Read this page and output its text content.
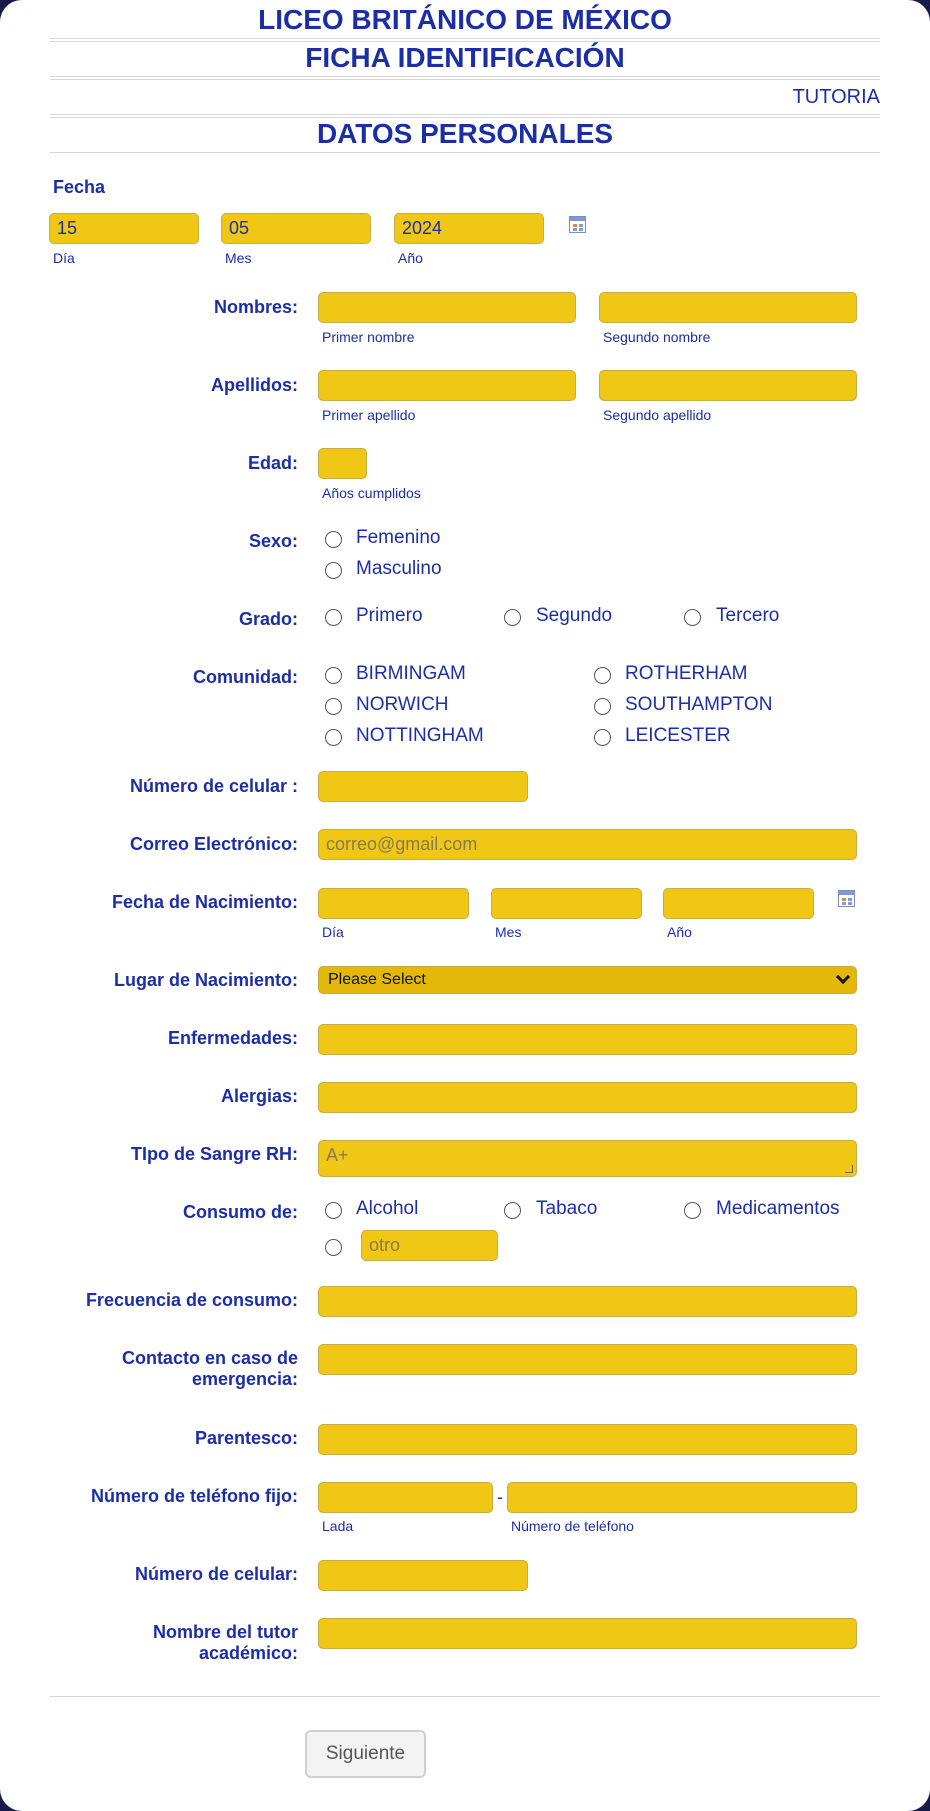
LICEO BRITÁNICO DE MÉXICO
FICHA IDENTIFICACIÓN
TUTORIA
DATOS PERSONALES
Fecha
15	05	2024
Día	Mes	Año
Nombres:
Primer nombre	Segundo nombre
Apellidos:
Primer apellido	Segundo apellido
Edad:
Años cumplidos
Sexo:	Femenino
Masculino
Grado:	Primero	Segundo	Tercero
Comunidad:	BIRMINGAM	ROTHERHAM
NORWICH	SOUTHAMPTON
NOTTINGHAM	LEICESTER
Número de celular :
Correo Electrónico:	correo@gmail.com
Fecha de Nacimiento:
Día	Mes	Año
Lugar de Nacimiento:	Please Select
Enfermedades:
Alergias:
TIpo de Sangre RH:	A+
Consumo de:	Alcohol	Tabaco	Medicamentos
otro
Frecuencia de consumo:
Contacto en caso de
emergencia:
Parentesco:
Número de teléfono fijo:	-
Lada	Número de teléfono
Número de celular:
Nombre del tutor
académico:
Siguiente
